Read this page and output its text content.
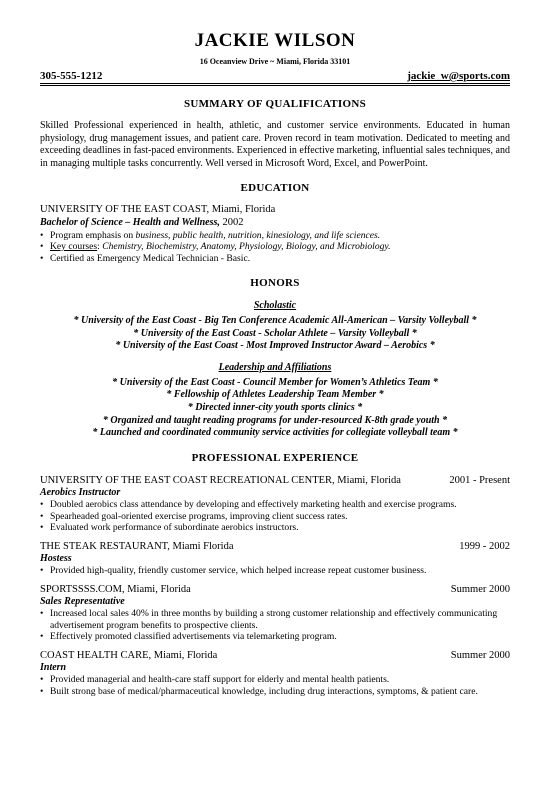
JACKIE WILSON
16 Oceanview Drive ~ Miami, Florida 33101
305-555-1212	jackie_w@sports.com
SUMMARY OF QUALIFICATIONS
Skilled Professional experienced in health, athletic, and customer service environments. Educated in human physiology, drug management issues, and patient care. Proven record in team motivation. Dedicated to meeting and exceeding deadlines in fast-paced environments. Experienced in effective marketing, influential sales techniques, and in managing multiple tasks concurrently. Well versed in Microsoft Word, Excel, and PowerPoint.
EDUCATION
UNIVERSITY OF THE EAST COAST, Miami, Florida
Bachelor of Science – Health and Wellness, 2002
• Program emphasis on business, public health, nutrition, kinesiology, and life sciences.
• Key courses: Chemistry, Biochemistry, Anatomy, Physiology, Biology, and Microbiology.
• Certified as Emergency Medical Technician - Basic.
HONORS
Scholastic
* University of the East Coast - Big Ten Conference Academic All-American – Varsity Volleyball *
* University of the East Coast - Scholar Athlete – Varsity Volleyball *
* University of the East Coast - Most Improved Instructor Award – Aerobics *
Leadership and Affiliations
* University of the East Coast - Council Member for Women’s Athletics Team *
* Fellowship of Athletes Leadership Team Member *
* Directed inner-city youth sports clinics *
* Organized and taught reading programs for under-resourced K-8th grade youth *
* Launched and coordinated community service activities for collegiate volleyball team *
PROFESSIONAL EXPERIENCE
UNIVERSITY OF THE EAST COAST RECREATIONAL CENTER, Miami, Florida	2001 - Present
Aerobics Instructor
• Doubled aerobics class attendance by developing and effectively marketing health and exercise programs.
• Spearheaded goal-oriented exercise programs, improving client success rates.
• Evaluated work performance of subordinate aerobics instructors.
THE STEAK RESTAURANT, Miami Florida	1999 - 2002
Hostess
• Provided high-quality, friendly customer service, which helped increase repeat customer business.
SPORTSSSS.COM, Miami, Florida	Summer 2000
Sales Representative
• Increased local sales 40% in three months by building a strong customer relationship and effectively communicating advertisement program benefits to prospective clients.
• Effectively promoted classified advertisements via telemarketing program.
COAST HEALTH CARE, Miami, Florida	Summer 2000
Intern
• Provided managerial and health-care staff support for elderly and mental health patients.
• Built strong base of medical/pharmaceutical knowledge, including drug interactions, symptoms, & patient care.
